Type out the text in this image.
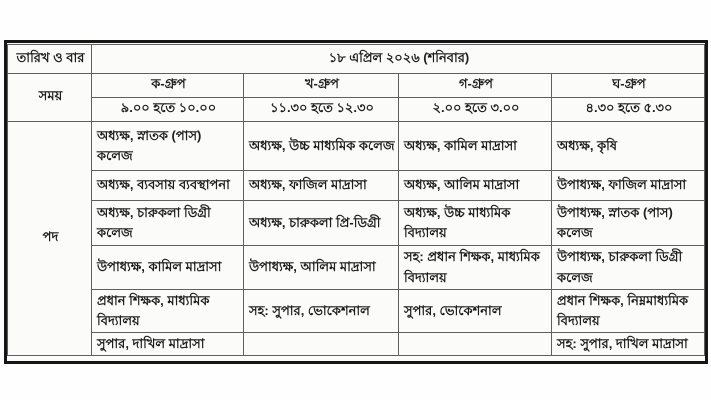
তারিখ ও বার	১৮ এপ্রিল ২০২৬ (শনিবার)			
সময়	ক-গ্রুপ	খ-গ্রুপ	গ-গ্রুপ	ঘ-গ্রুপ
	৯.০০ হতে ১০.০০	১১.৩০ হতে ১২.৩০	২.০০ হতে ৩.০০	৪.৩০ হতে ৫.৩০
পদ	অধ্যক্ষ, স্নাতক (পাস) কলেজ	অধ্যক্ষ, উচ্চ মাধ্যমিক কলেজ	অধ্যক্ষ, কামিল মাদ্রাসা	অধ্যক্ষ, কৃষি
	অধ্যক্ষ, ব্যবসায় ব্যবস্থাপনা	অধ্যক্ষ, ফাজিল মাদ্রাসা	অধ্যক্ষ, আলিম মাদ্রাসা	উপাধ্যক্ষ, ফাজিল মাদ্রাসা
	অধ্যক্ষ, চারুকলা ডিগ্রী কলেজ	অধ্যক্ষ, চারুকলা প্রি-ডিগ্রী	অধ্যক্ষ, উচ্চ মাধ্যমিক বিদ্যালয়	উপাধ্যক্ষ, স্নাতক (পাস) কলেজ
	উপাধ্যক্ষ, কামিল মাদ্রাসা	উপাধ্যক্ষ, আলিম মাদ্রাসা	সহ: প্রধান শিক্ষক, মাধ্যমিক বিদ্যালয়	উপাধ্যক্ষ, চারুকলা ডিগ্রী কলেজ
	প্রধান শিক্ষক, মাধ্যমিক বিদ্যালয়	সহ: সুপার, ভোকেশনাল	সুপার, ভোকেশনাল	প্রধান শিক্ষক, নিম্নমাধ্যমিক বিদ্যালয়
	সুপার, দাখিল মাদ্রাসা			সহ: সুপার, দাখিল মাদ্রাসা
